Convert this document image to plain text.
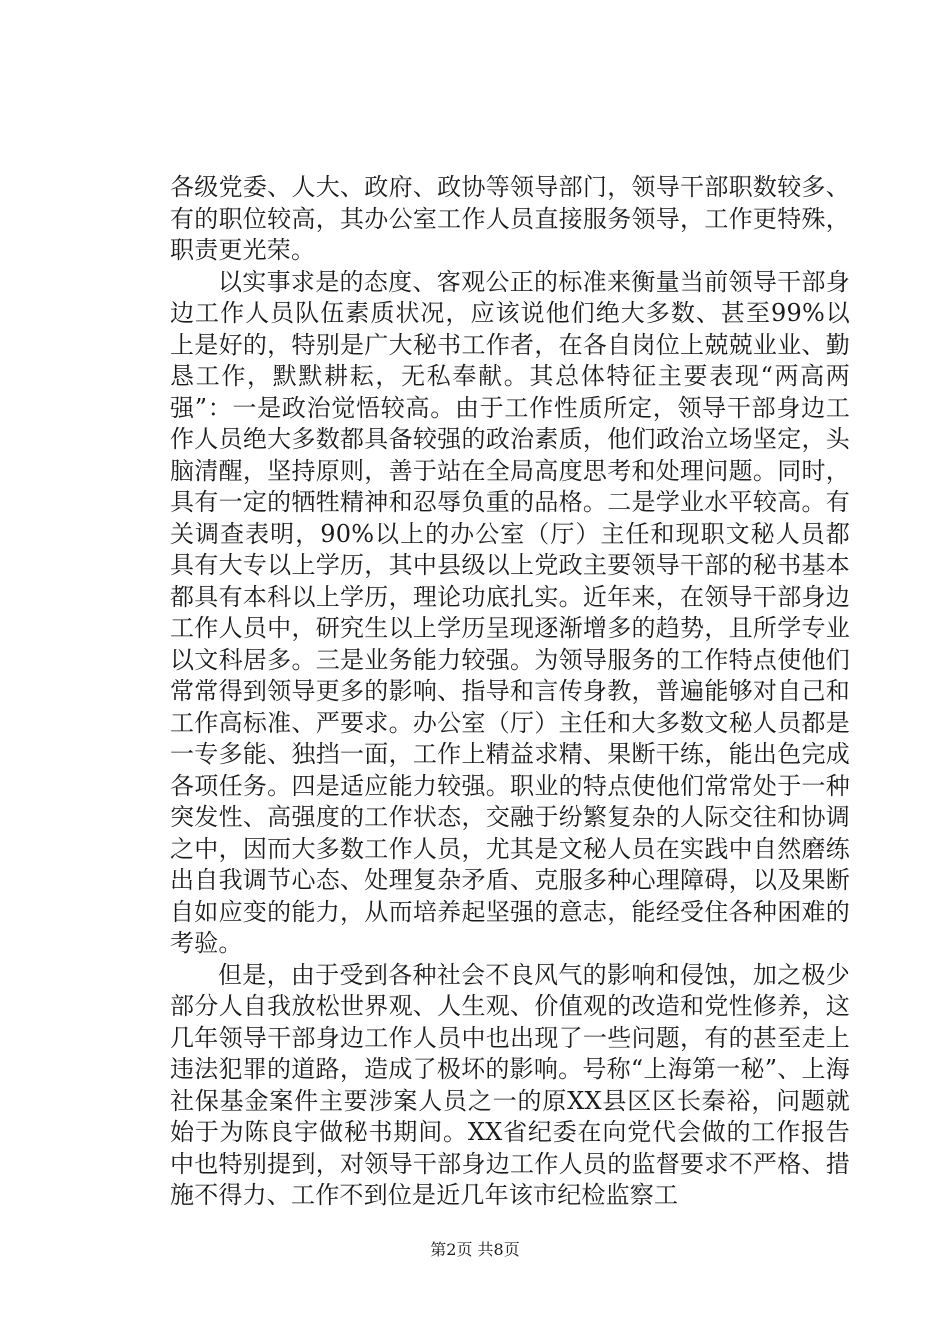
各级党委、人大、政府、政协等领导部门，领导干部职数较多、有的职位较高，其办公室工作人员直接服务领导，工作更特殊，职责更光荣。

以实事求是的态度、客观公正的标准来衡量当前领导干部身边工作人员队伍素质状况，应该说他们绝大多数、甚至99%以上是好的，特别是广大秘书工作者，在各自岗位上兢兢业业、勤恳工作，默默耕耘，无私奉献。其总体特征主要表现“两高两强”：一是政治觉悟较高。由于工作性质所定，领导干部身边工作人员绝大多数都具备较强的政治素质，他们政治立场坚定，头脑清醒，坚持原则，善于站在全局高度思考和处理问题。同时，具有一定的牺牲精神和忍辱负重的品格。二是学业水平较高。有关调查表明，90%以上的办公室（厅）主任和现职文秘人员都具有大专以上学历，其中县级以上党政主要领导干部的秘书基本都具有本科以上学历，理论功底扎实。近年来，在领导干部身边工作人员中，研究生以上学历呈现逐渐增多的趋势，且所学专业以文科居多。三是业务能力较强。为领导服务的工作特点使他们常常得到领导更多的影响、指导和言传身教，普遍能够对自己和工作高标准、严要求。办公室（厅）主任和大多数文秘人员都是一专多能、独挡一面，工作上精益求精、果断干练，能出色完成各项任务。四是适应能力较强。职业的特点使他们常常处于一种突发性、高强度的工作状态，交融于纷繁复杂的人际交往和协调之中，因而大多数工作人员，尤其是文秘人员在实践中自然磨练出自我调节心态、处理复杂矛盾、克服多种心理障碍，以及果断自如应变的能力，从而培养起坚强的意志，能经受住各种困难的考验。

但是，由于受到各种社会不良风气的影响和侵蚀，加之极少部分人自我放松世界观、人生观、价值观的改造和党性修养，这几年领导干部身边工作人员中也出现了一些问题，有的甚至走上违法犯罪的道路，造成了极坏的影响。号称“上海第一秘”、上海社保基金案件主要涉案人员之一的原XX县区区长秦裕，问题就始于为陈良宇做秘书期间。XX省纪委在向党代会做的工作报告中也特别提到，对领导干部身边工作人员的监督要求不严格、措施不得力、工作不到位是近几年该市纪检监察工

第2页 共8页
